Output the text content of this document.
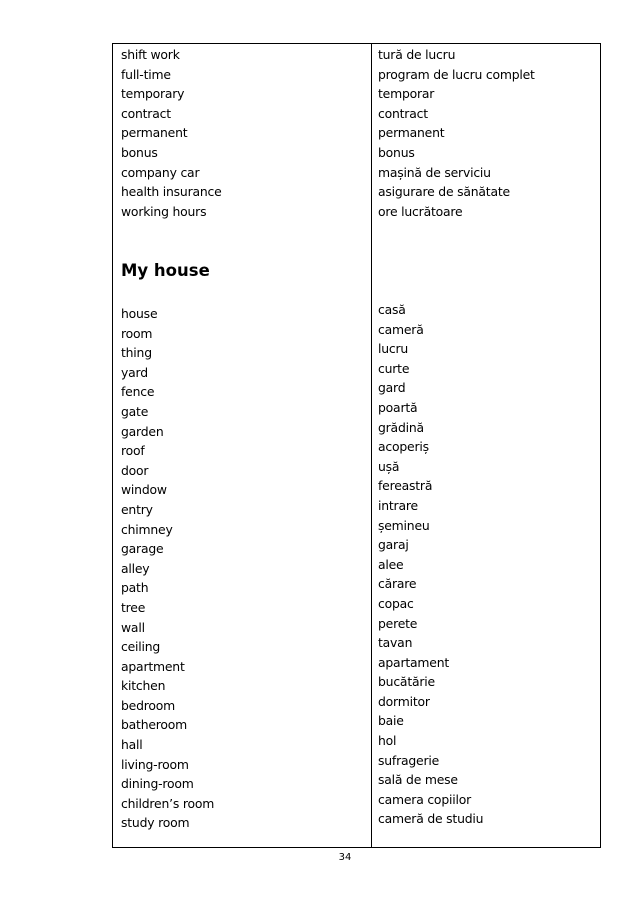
shift work
full-time
temporary
contract
permanent
bonus
company car
health insurance
working hours
My house
house
room
thing
yard
fence
gate
garden
roof
door
window
entry
chimney
garage
alley
path
tree
wall
ceiling
apartment
kitchen
bedroom
batheroom
hall
living-room
dining-room
children’s room
study room
tură de lucru
program de lucru complet
temporar
contract
permanent
bonus
mașină de serviciu
asigurare de sănătate
ore lucrătoare
casă
cameră
lucru
curte
gard
poartă
grădină
acoperiș
ușă
fereastră
intrare
șemineu
garaj
alee
cărare
copac
perete
tavan
apartament
bucătărie
dormitor
baie
hol
sufragerie
sală de mese
camera copiilor
cameră de studiu
34
